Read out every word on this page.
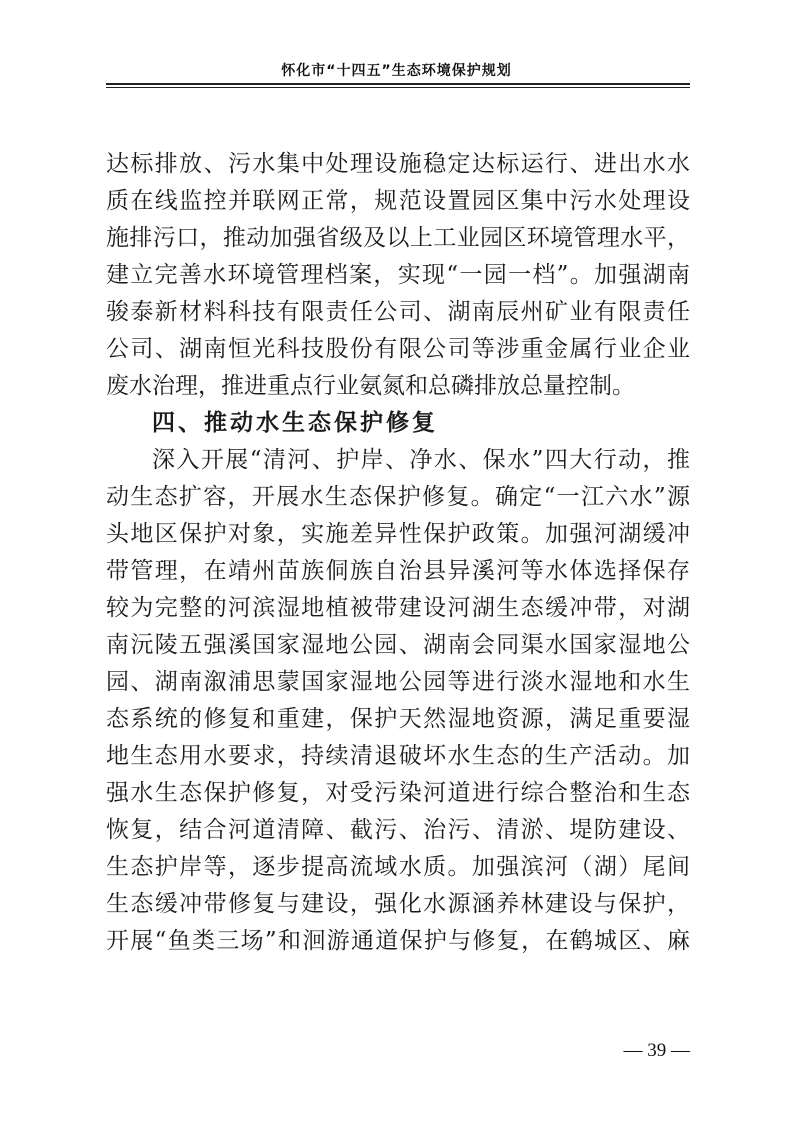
怀化市“十四五”生态环境保护规划
达标排放、污水集中处理设施稳定达标运行、进出水水
质在线监控并联网正常，规范设置园区集中污水处理设
施排污口，推动加强省级及以上工业园区环境管理水平，
建立完善水环境管理档案，实现“一园一档”。加强湖南
骏泰新材料科技有限责任公司、湖南辰州矿业有限责任
公司、湖南恒光科技股份有限公司等涉重金属行业企业
废水治理，推进重点行业氨氮和总磷排放总量控制。
四、推动水生态保护修复
深入开展“清河、护岸、净水、保水”四大行动，推
动生态扩容，开展水生态保护修复。确定“一江六水”源
头地区保护对象，实施差异性保护政策。加强河湖缓冲
带管理，在靖州苗族侗族自治县异溪河等水体选择保存
较为完整的河滨湿地植被带建设河湖生态缓冲带，对湖
南沅陵五强溪国家湿地公园、湖南会同渠水国家湿地公
园、湖南溆浦思蒙国家湿地公园等进行淡水湿地和水生
态系统的修复和重建，保护天然湿地资源，满足重要湿
地生态用水要求，持续清退破坏水生态的生产活动。加
强水生态保护修复，对受污染河道进行综合整治和生态
恢复，结合河道清障、截污、治污、清淤、堤防建设、
生态护岸等，逐步提高流域水质。加强滨河（湖）尾间
生态缓冲带修复与建设，强化水源涵养林建设与保护，
开展“鱼类三场”和洄游通道保护与修复，在鹤城区、麻
— 39 —
